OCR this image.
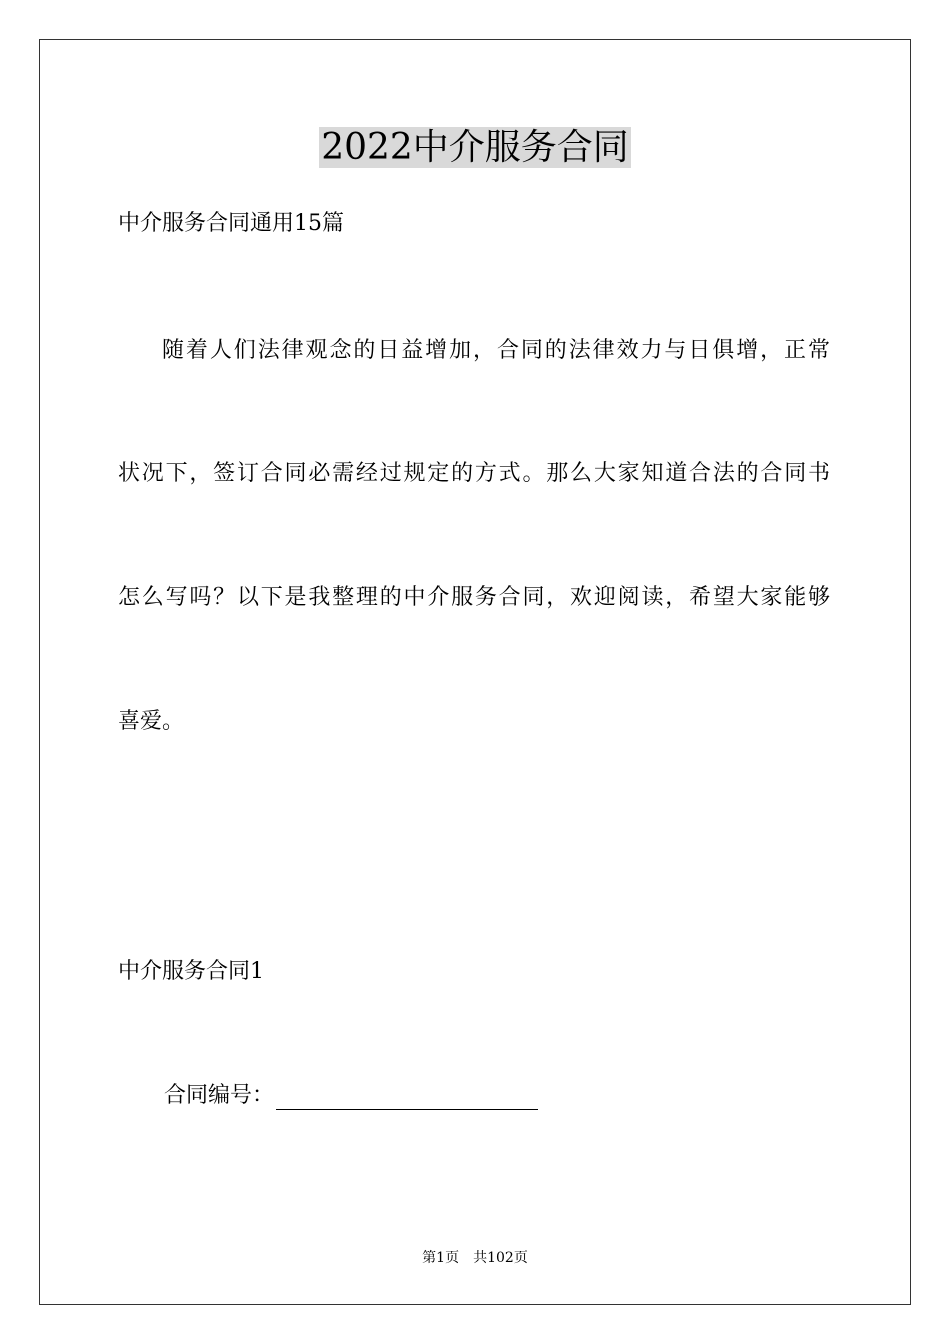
2022中介服务合同
中介服务合同通用15篇
随着人们法律观念的日益增加，合同的法律效力与日俱增，正常
状况下，签订合同必需经过规定的方式。那么大家知道合法的合同书
怎么写吗？以下是我整理的中介服务合同，欢迎阅读，希望大家能够
喜爱。
中介服务合同1
合同编号：
第1页 共102页
